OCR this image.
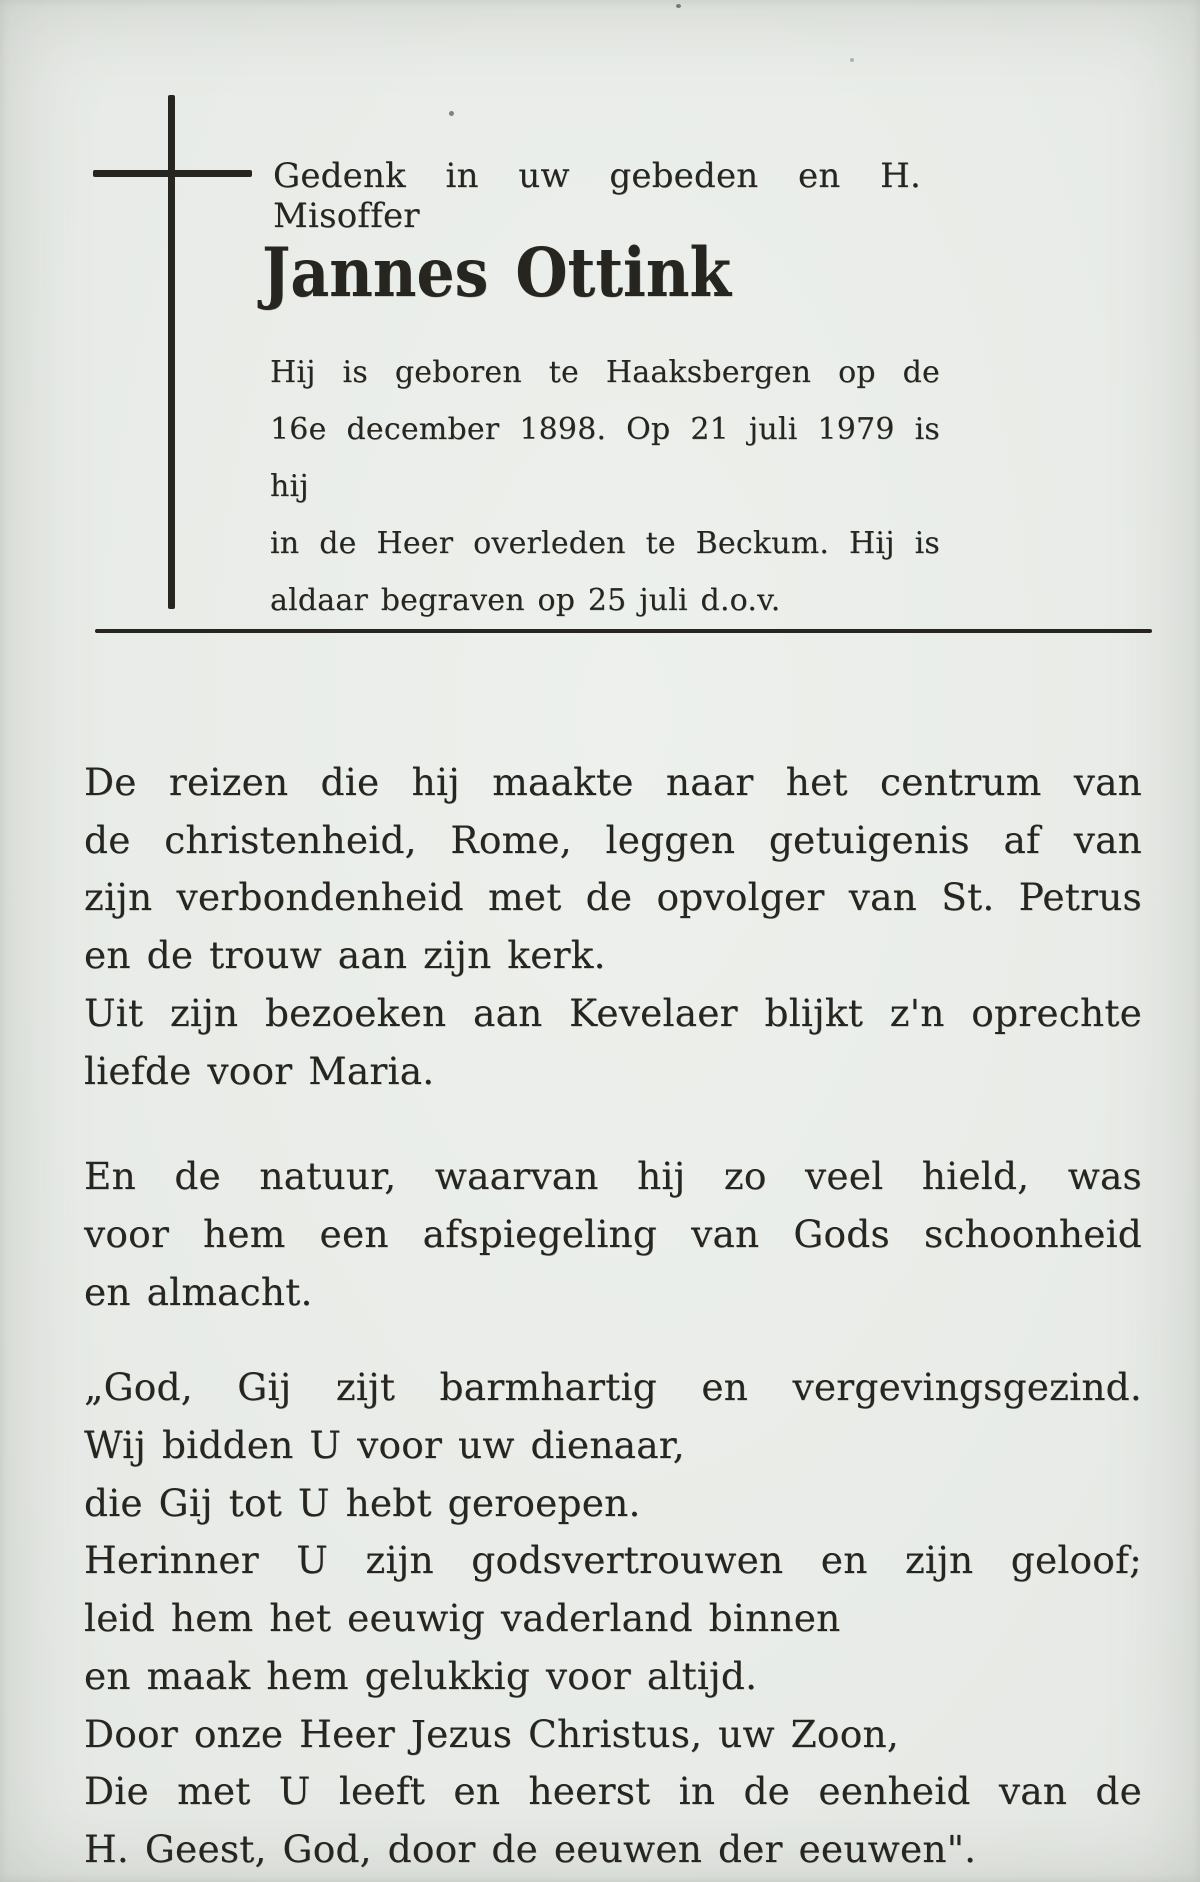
Gedenk in uw gebeden en H. Misoffer
Jannes Ottink
Hij is geboren te Haaksbergen op de
16e december 1898. Op 21 juli 1979 is hij
in de Heer overleden te Beckum. Hij is
aldaar begraven op 25 juli d.o.v.
De reizen die hij maakte naar het centrum van
de christenheid, Rome, leggen getuigenis af van
zijn verbondenheid met de opvolger van St. Petrus
en de trouw aan zijn kerk.
Uit zijn bezoeken aan Kevelaer blijkt z'n oprechte
liefde voor Maria.
En de natuur, waarvan hij zo veel hield, was
voor hem een afspiegeling van Gods schoonheid
en almacht.
„God, Gij zijt barmhartig en vergevingsgezind.
Wij bidden U voor uw dienaar,
die Gij tot U hebt geroepen.
Herinner U zijn godsvertrouwen en zijn geloof;
leid hem het eeuwig vaderland binnen
en maak hem gelukkig voor altijd.
Door onze Heer Jezus Christus, uw Zoon,
Die met U leeft en heerst in de eenheid van de
H. Geest, God, door de eeuwen der eeuwen".
